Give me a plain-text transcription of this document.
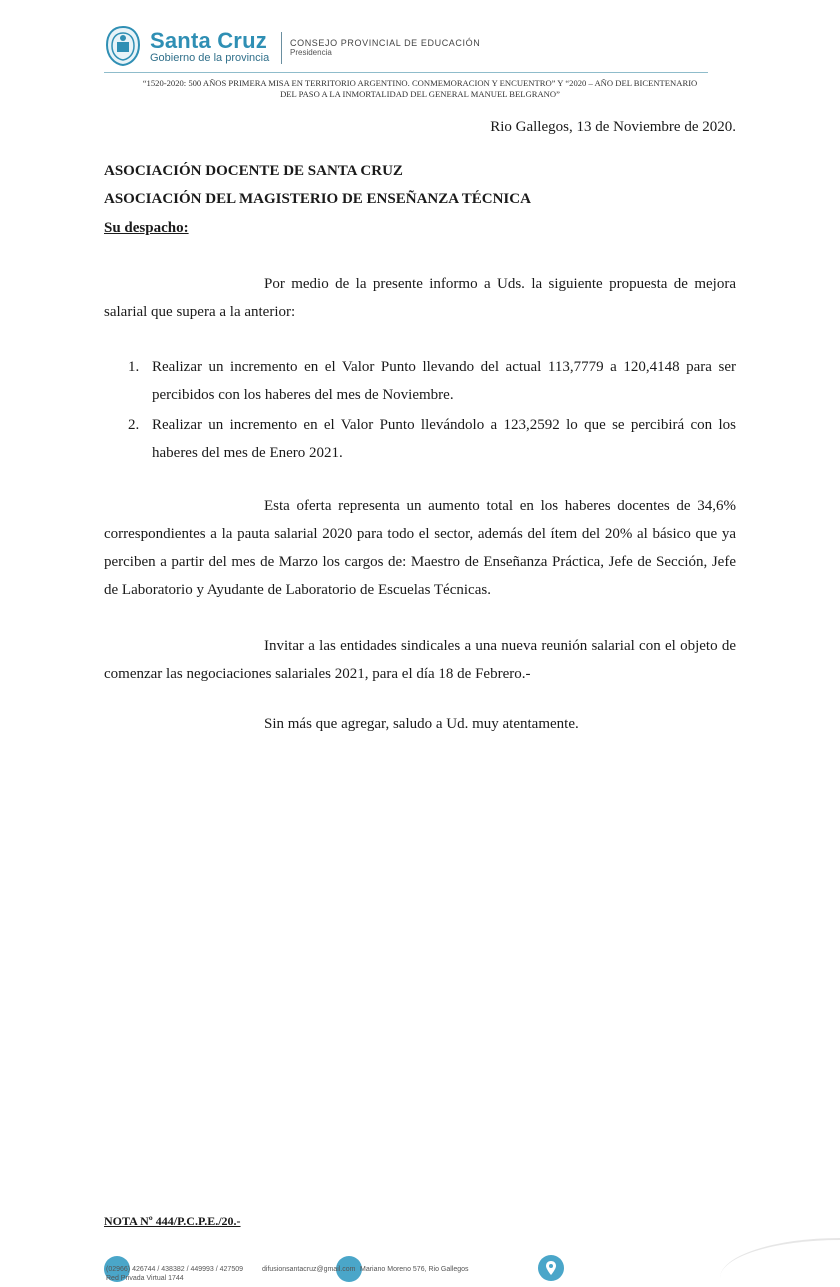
Santa Cruz
Gobierno de la provincia
CONSEJO PROVINCIAL DE EDUCACIÓN
Presidencia
“1520-2020: 500 AÑOS PRIMERA MISA EN TERRITORIO ARGENTINO. CONMEMORACION Y ENCUENTRO” Y “2020 – AÑO DEL BICENTENARIO
DEL PASO A LA INMORTALIDAD DEL GENERAL MANUEL BELGRANO”
Rio Gallegos, 13 de Noviembre de 2020.
ASOCIACIÓN DOCENTE DE SANTA CRUZ
ASOCIACIÓN DEL MAGISTERIO DE ENSEÑANZA TÉCNICA
Su despacho:
Por medio de la presente informo a Uds. la siguiente propuesta de mejora salarial que supera a la anterior:
1. Realizar un incremento en el Valor Punto llevando del actual 113,7779 a 120,4148 para ser percibidos con los haberes del mes de Noviembre.
2. Realizar un incremento en el Valor Punto llevándolo a 123,2592 lo que se percibirá con los haberes del mes de Enero 2021.
Esta oferta representa un aumento total en los haberes docentes de 34,6% correspondientes a la pauta salarial 2020 para todo el sector, además del ítem del 20% al básico que ya perciben a partir del mes de Marzo los cargos de: Maestro de Enseñanza Práctica, Jefe de Sección, Jefe de Laboratorio y Ayudante de Laboratorio de Escuelas Técnicas.
Invitar a las entidades sindicales a una nueva reunión salarial con el objeto de comenzar las negociaciones salariales 2021, para el día 18 de Febrero.-
Sin más que agregar, saludo a Ud. muy atentamente.
NOTA Nº 444/P.C.P.E./20.-
(02966) 426744 / 438382 / 449993 / 427509	difusionsantacruz@gmail.com Mariano Moreno 576, Rio Gallegos
Red Privada Virtual 1744
